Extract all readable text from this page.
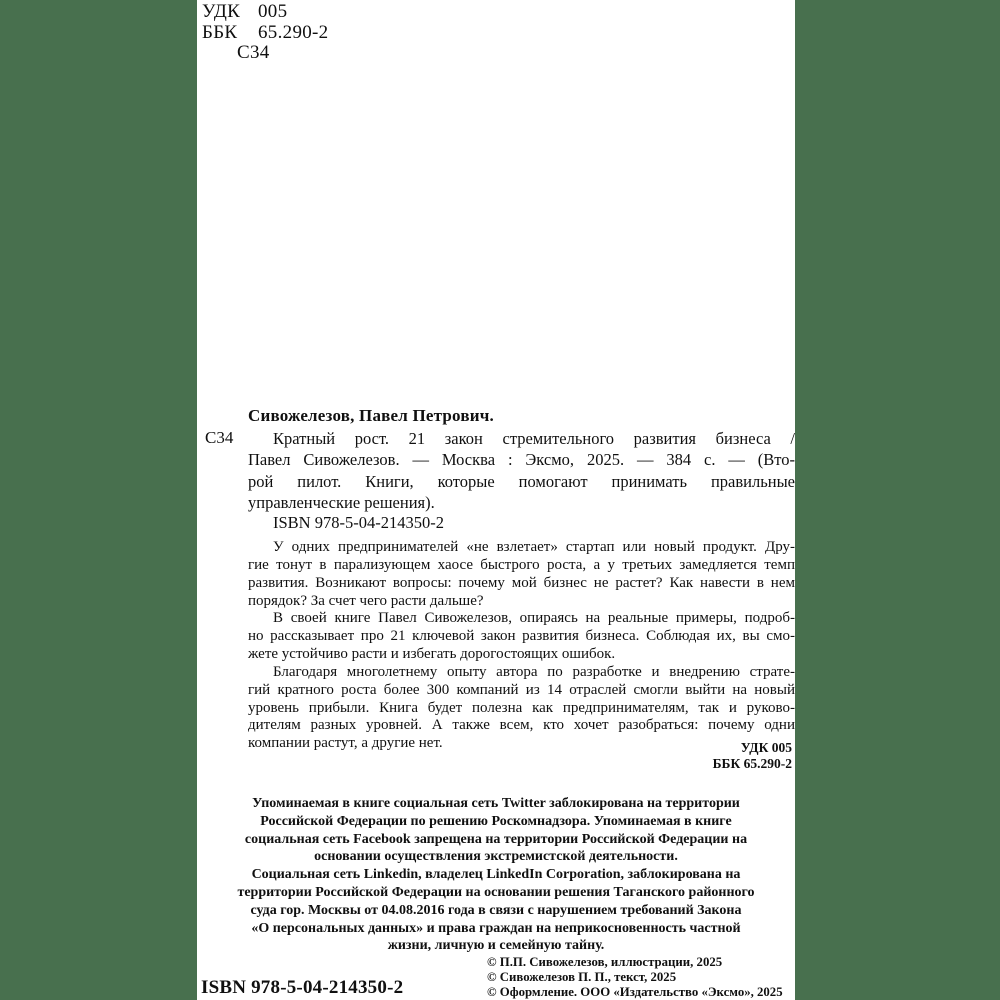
УДК 005
ББК 65.290-2
С34
Сивожелезов, Павел Петрович.
С34	Кратный рост. 21 закон стремительного развития бизнеса /
Павел Сивожелезов. — Москва : Эксмо, 2025. — 384 с. — (Вто-
рой пилот. Книги, которые помогают принимать правильные
управленческие решения).
ISBN 978-5-04-214350-2
У одних предпринимателей «не взлетает» стартап или новый продукт. Дру-
гие тонут в парализующем хаосе быстрого роста, а у третьих замедляется темп
развития. Возникают вопросы: почему мой бизнес не растет? Как навести в нем
порядок? За счет чего расти дальше?
В своей книге Павел Сивожелезов, опираясь на реальные примеры, подроб-
но рассказывает про 21 ключевой закон развития бизнеса. Соблюдая их, вы смо-
жете устойчиво расти и избегать дорогостоящих ошибок.
Благодаря многолетнему опыту автора по разработке и внедрению страте-
гий кратного роста более 300 компаний из 14 отраслей смогли выйти на новый
уровень прибыли. Книга будет полезна как предпринимателям, так и руково-
дителям разных уровней. А также всем, кто хочет разобраться: почему одни
компании растут, а другие нет.	УДК 005
ББК 65.290-2
Упоминаемая в книге социальная сеть Twitter заблокирована на территории
Российской Федерации по решению Роскомнадзора. Упоминаемая в книге
социальная сеть Facebook запрещена на территории Российской Федерации на
основании осуществления экстремистской деятельности.
Социальная сеть Linkedin, владелец LinkedIn Corporation, заблокирована на
территории Российской Федерации на основании решения Таганского районного
суда гор. Москвы от 04.08.2016 года в связи с нарушением требований Закона
«О персональных данных» и права граждан на неприкосновенность частной
жизни, личную и семейную тайну.
ISBN 978-5-04-214350-2
© П.П. Сивожелезов, иллюстрации, 2025
© Сивожелезов П. П., текст, 2025
© Оформление. ООО «Издательство «Эксмо», 2025
